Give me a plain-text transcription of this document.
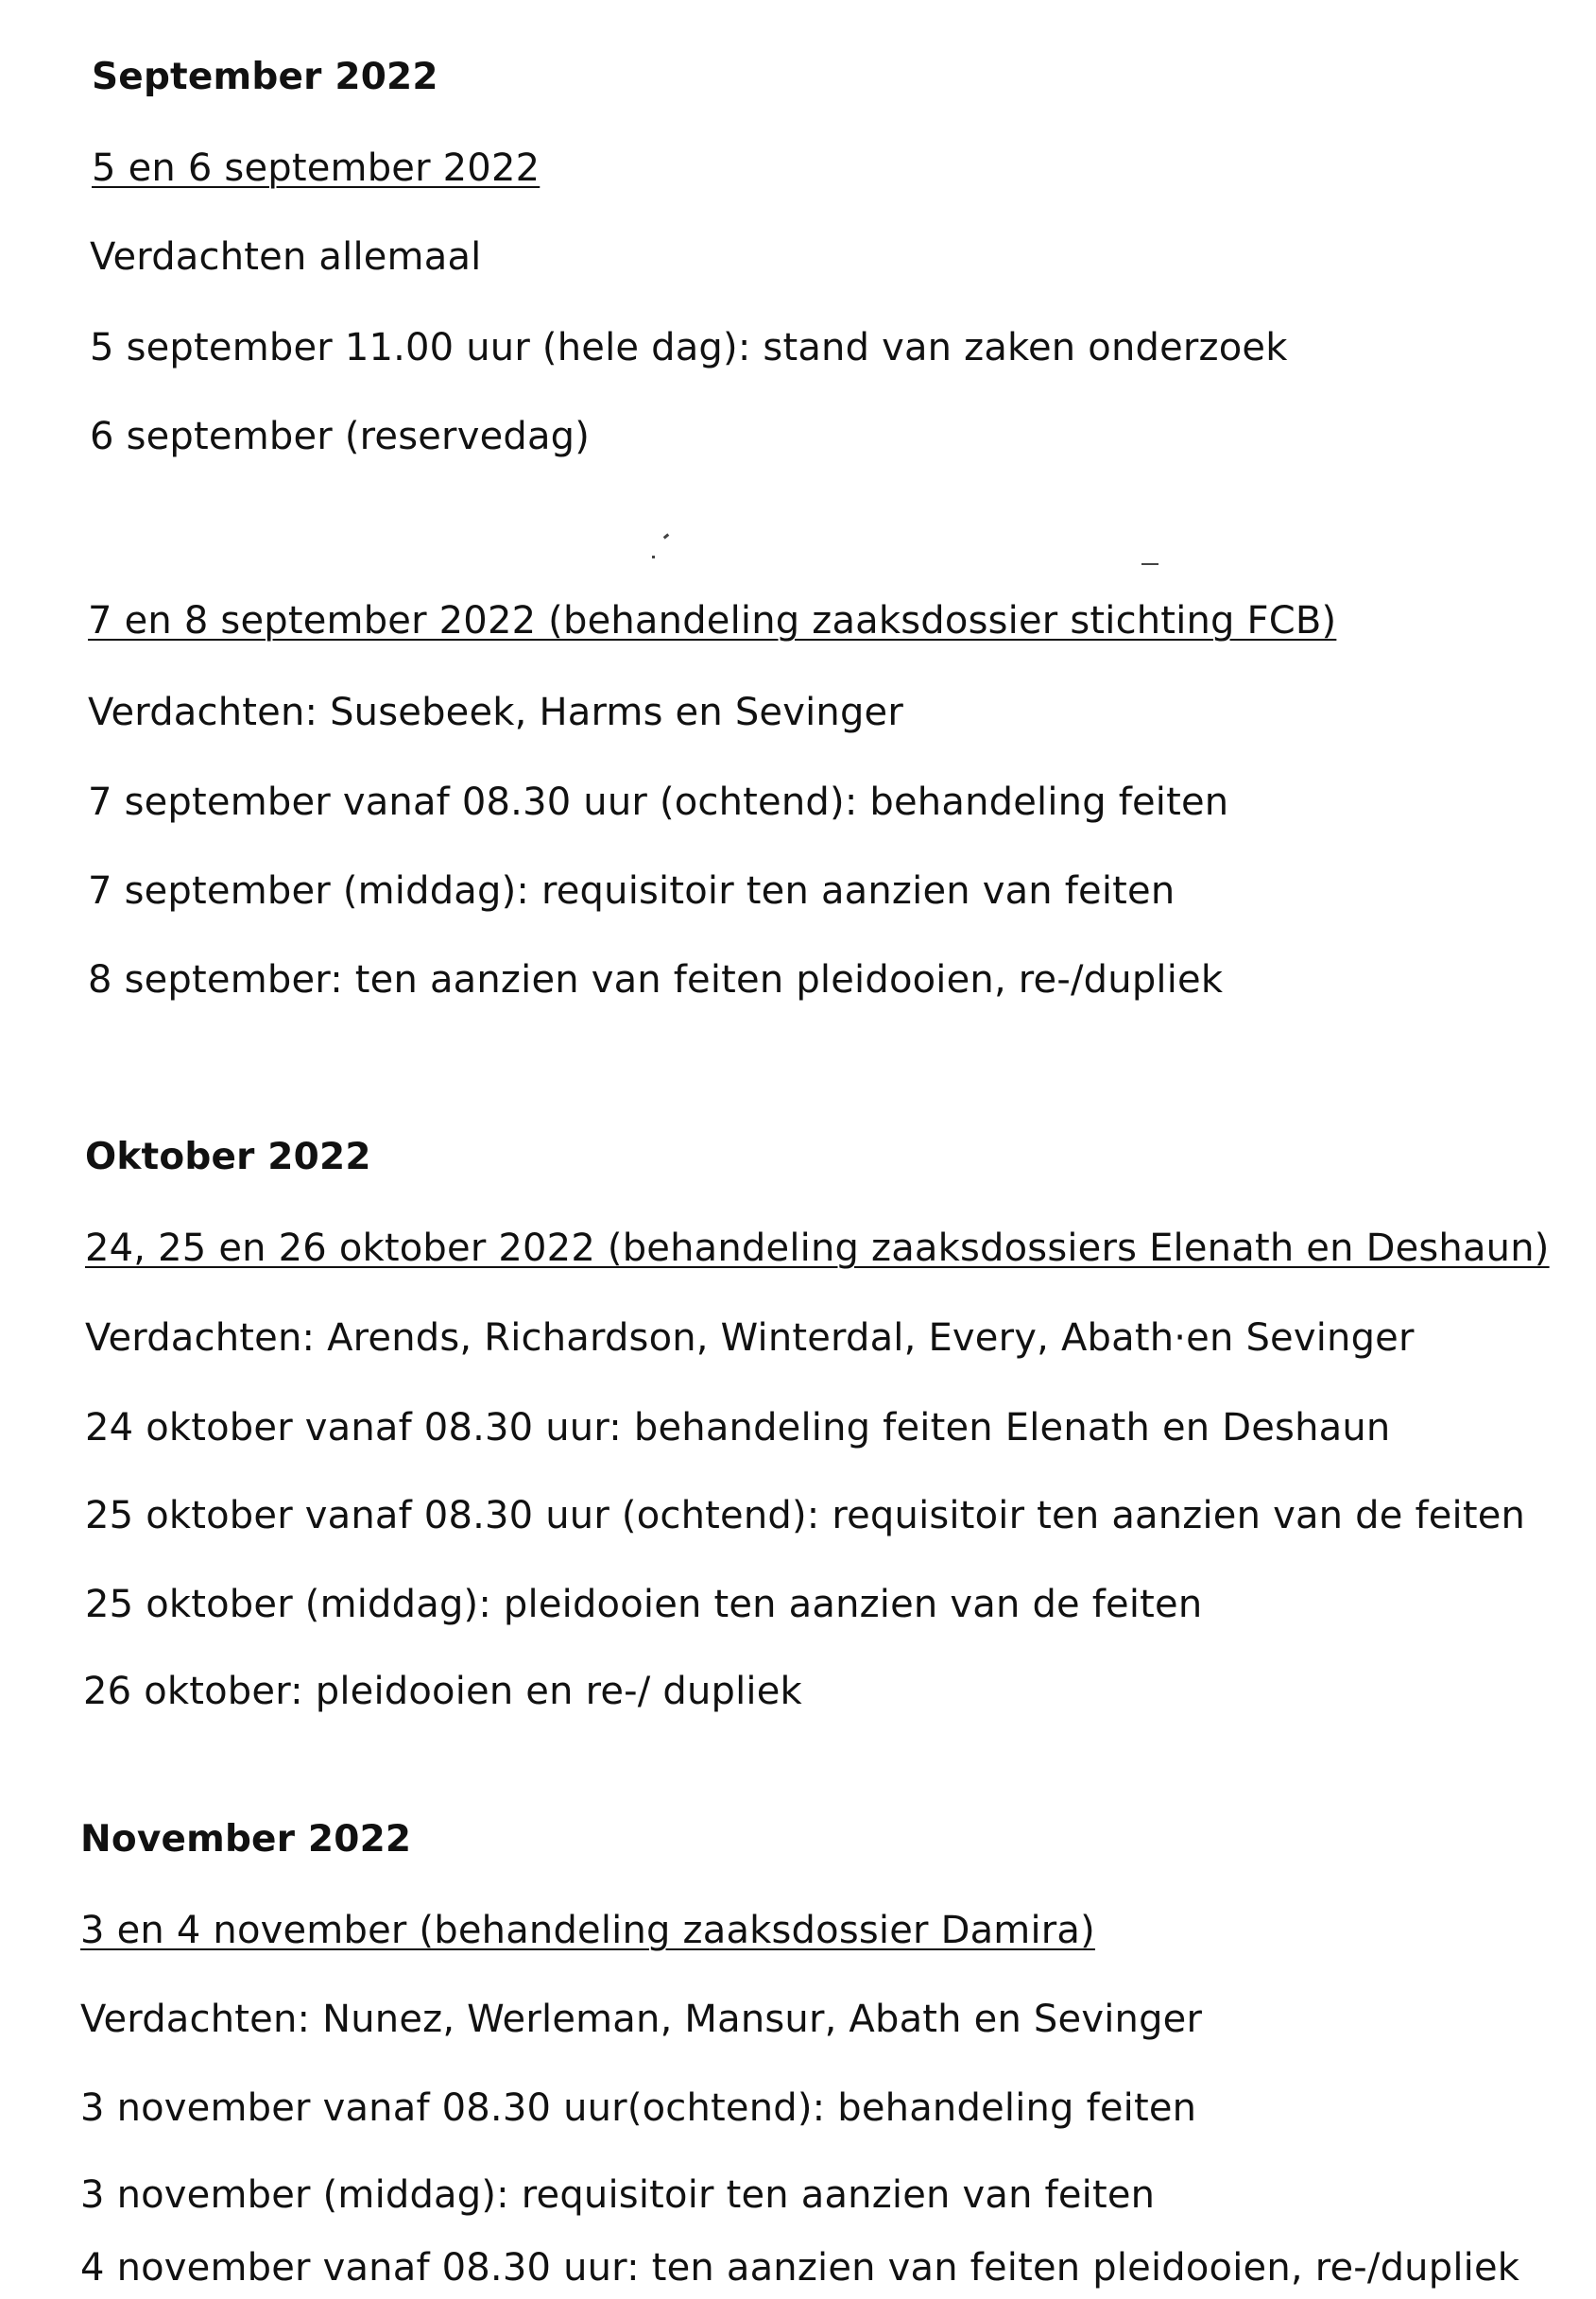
September 2022
5 en 6 september 2022
Verdachten allemaal
5 september 11.00 uur (hele dag): stand van zaken onderzoek
6 september (reservedag)
7 en 8 september 2022 (behandeling zaaksdossier stichting FCB)
Verdachten: Susebeek, Harms en Sevinger
7 september vanaf 08.30 uur (ochtend): behandeling feiten
7 september (middag): requisitoir ten aanzien van feiten
8 september: ten aanzien van feiten pleidooien, re-/dupliek
Oktober 2022
24, 25 en 26 oktober 2022 (behandeling zaaksdossiers Elenath en Deshaun)
Verdachten: Arends, Richardson, Winterdal, Every, Abath·en Sevinger
24 oktober vanaf 08.30 uur: behandeling feiten Elenath en Deshaun
25 oktober vanaf 08.30 uur (ochtend): requisitoir ten aanzien van de feiten
25 oktober (middag): pleidooien ten aanzien van de feiten
26 oktober: pleidooien en re-/ dupliek
November 2022
3 en 4 november (behandeling zaaksdossier Damira)
Verdachten: Nunez, Werleman, Mansur, Abath en Sevinger
3 november vanaf 08.30 uur(ochtend): behandeling feiten
3 november (middag): requisitoir ten aanzien van feiten
4 november vanaf 08.30 uur: ten aanzien van feiten pleidooien, re-/dupliek
